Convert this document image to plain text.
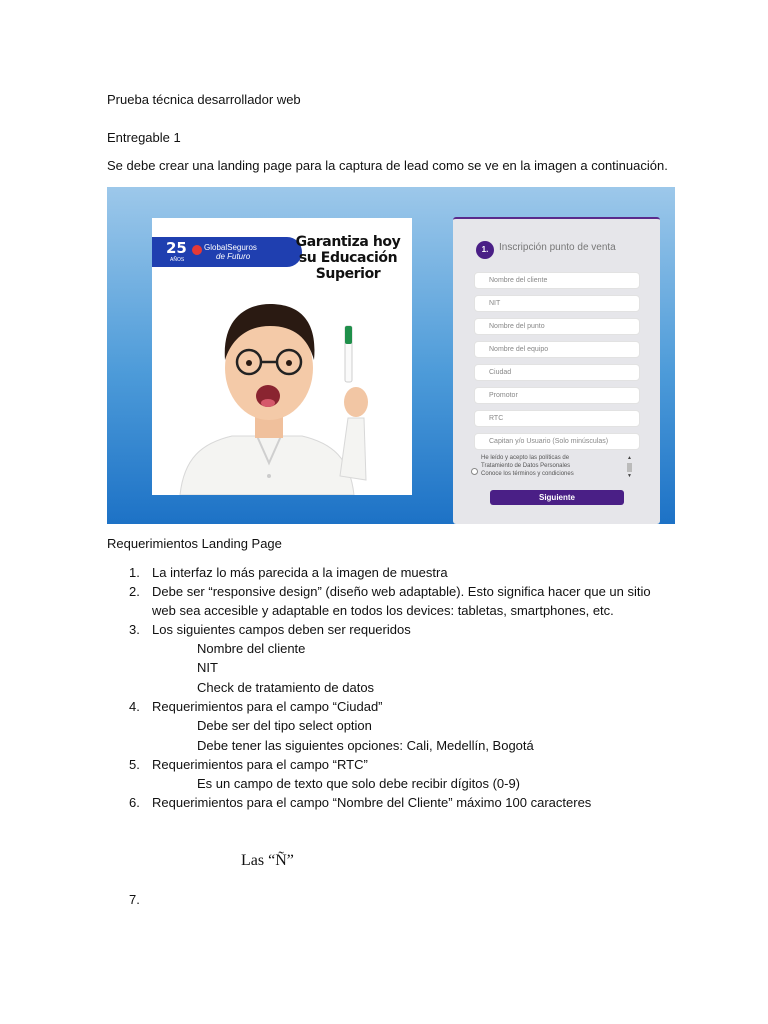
Prueba técnica desarrollador web
Entregable 1
Se debe crear una landing page para la captura de lead como se ve en la imagen a continuación.
25
AÑOS
GlobalSeguros
de Futuro
Garantiza hoy su Educación Superior
1.	Inscripción punto de venta
Nombre del cliente
NIT
Nombre del punto
Nombre del equipo
Ciudad
Promotor
RTC
Capitan y/o Usuario (Solo minúsculas)
He leído y acepto las políticas de
Tratamiento de Datos Personales
Conoce los términos y condiciones
▲
▼
Siguiente
Requerimientos Landing Page
1. La interfaz lo más parecida a la imagen de muestra
2. Debe ser “responsive design” (diseño web adaptable). Esto significa hacer que un sitio web sea accesible y adaptable en todos los devices: tabletas, smartphones, etc.
3. Los siguientes campos deben ser requeridos
Nombre del cliente
NIT
Check de tratamiento de datos
4. Requerimientos para el campo “Ciudad”
Debe ser del tipo select option
Debe tener las siguientes opciones: Cali, Medellín, Bogotá
5. Requerimientos para el campo “RTC”
Es un campo de texto que solo debe recibir dígitos (0-9)
6. Requerimientos para el campo “Nombre del Cliente” máximo 100 caracteres
Las “Ñ”
7.
